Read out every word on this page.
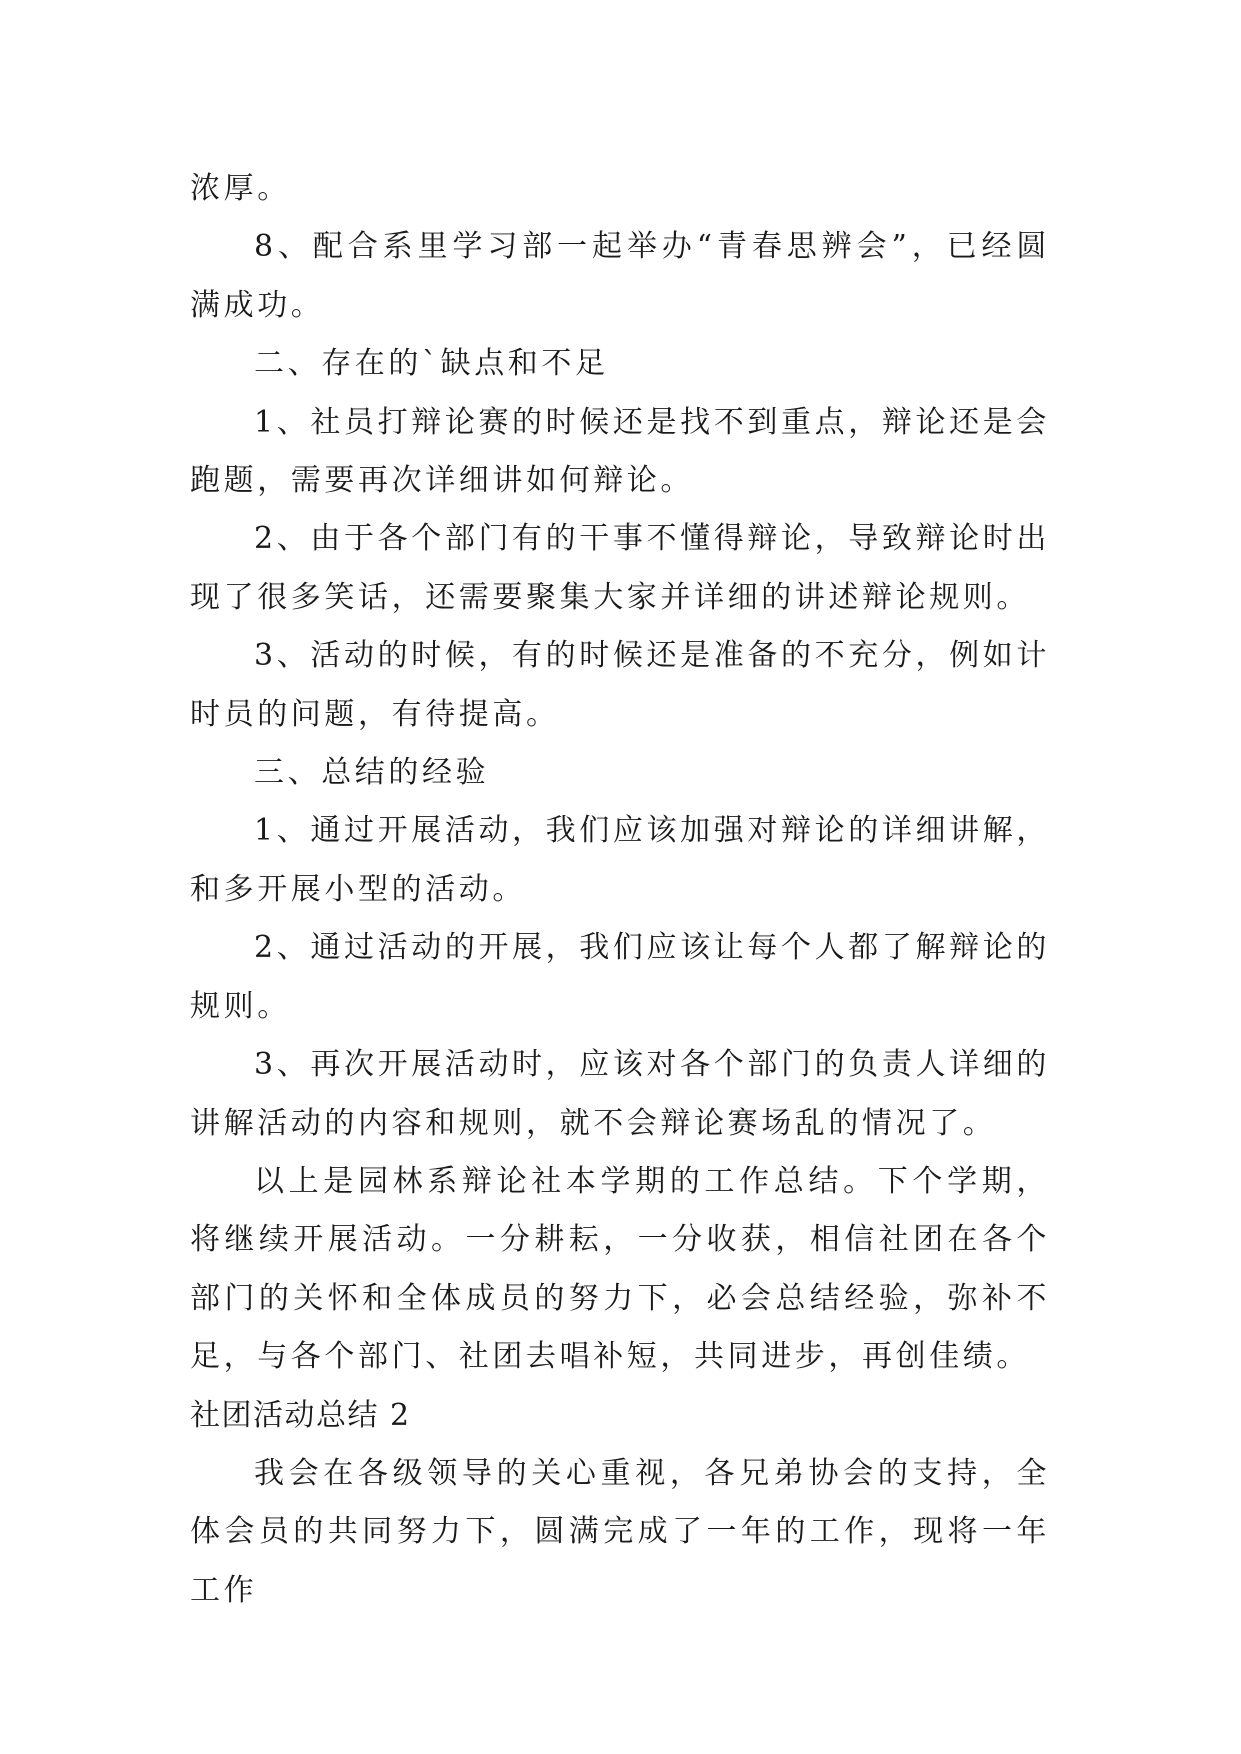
浓厚。

8、配合系里学习部一起举办“青春思辨会”，已经圆满成功。

二、存在的`缺点和不足

1、社员打辩论赛的时候还是找不到重点，辩论还是会跑题，需要再次详细讲如何辩论。

2、由于各个部门有的干事不懂得辩论，导致辩论时出现了很多笑话，还需要聚集大家并详细的讲述辩论规则。

3、活动的时候，有的时候还是准备的不充分，例如计时员的问题，有待提高。

三、总结的经验

1、通过开展活动，我们应该加强对辩论的详细讲解，和多开展小型的活动。

2、通过活动的开展，我们应该让每个人都了解辩论的规则。

3、再次开展活动时，应该对各个部门的负责人详细的讲解活动的内容和规则，就不会辩论赛场乱的情况了。

以上是园林系辩论社本学期的工作总结。下个学期，将继续开展活动。一分耕耘，一分收获，相信社团在各个部门的关怀和全体成员的努力下，必会总结经验，弥补不足，与各个部门、社团去唱补短，共同进步，再创佳绩。

社团活动总结 2

我会在各级领导的关心重视，各兄弟协会的支持，全体会员的共同努力下，圆满完成了一年的工作，现将一年工作
